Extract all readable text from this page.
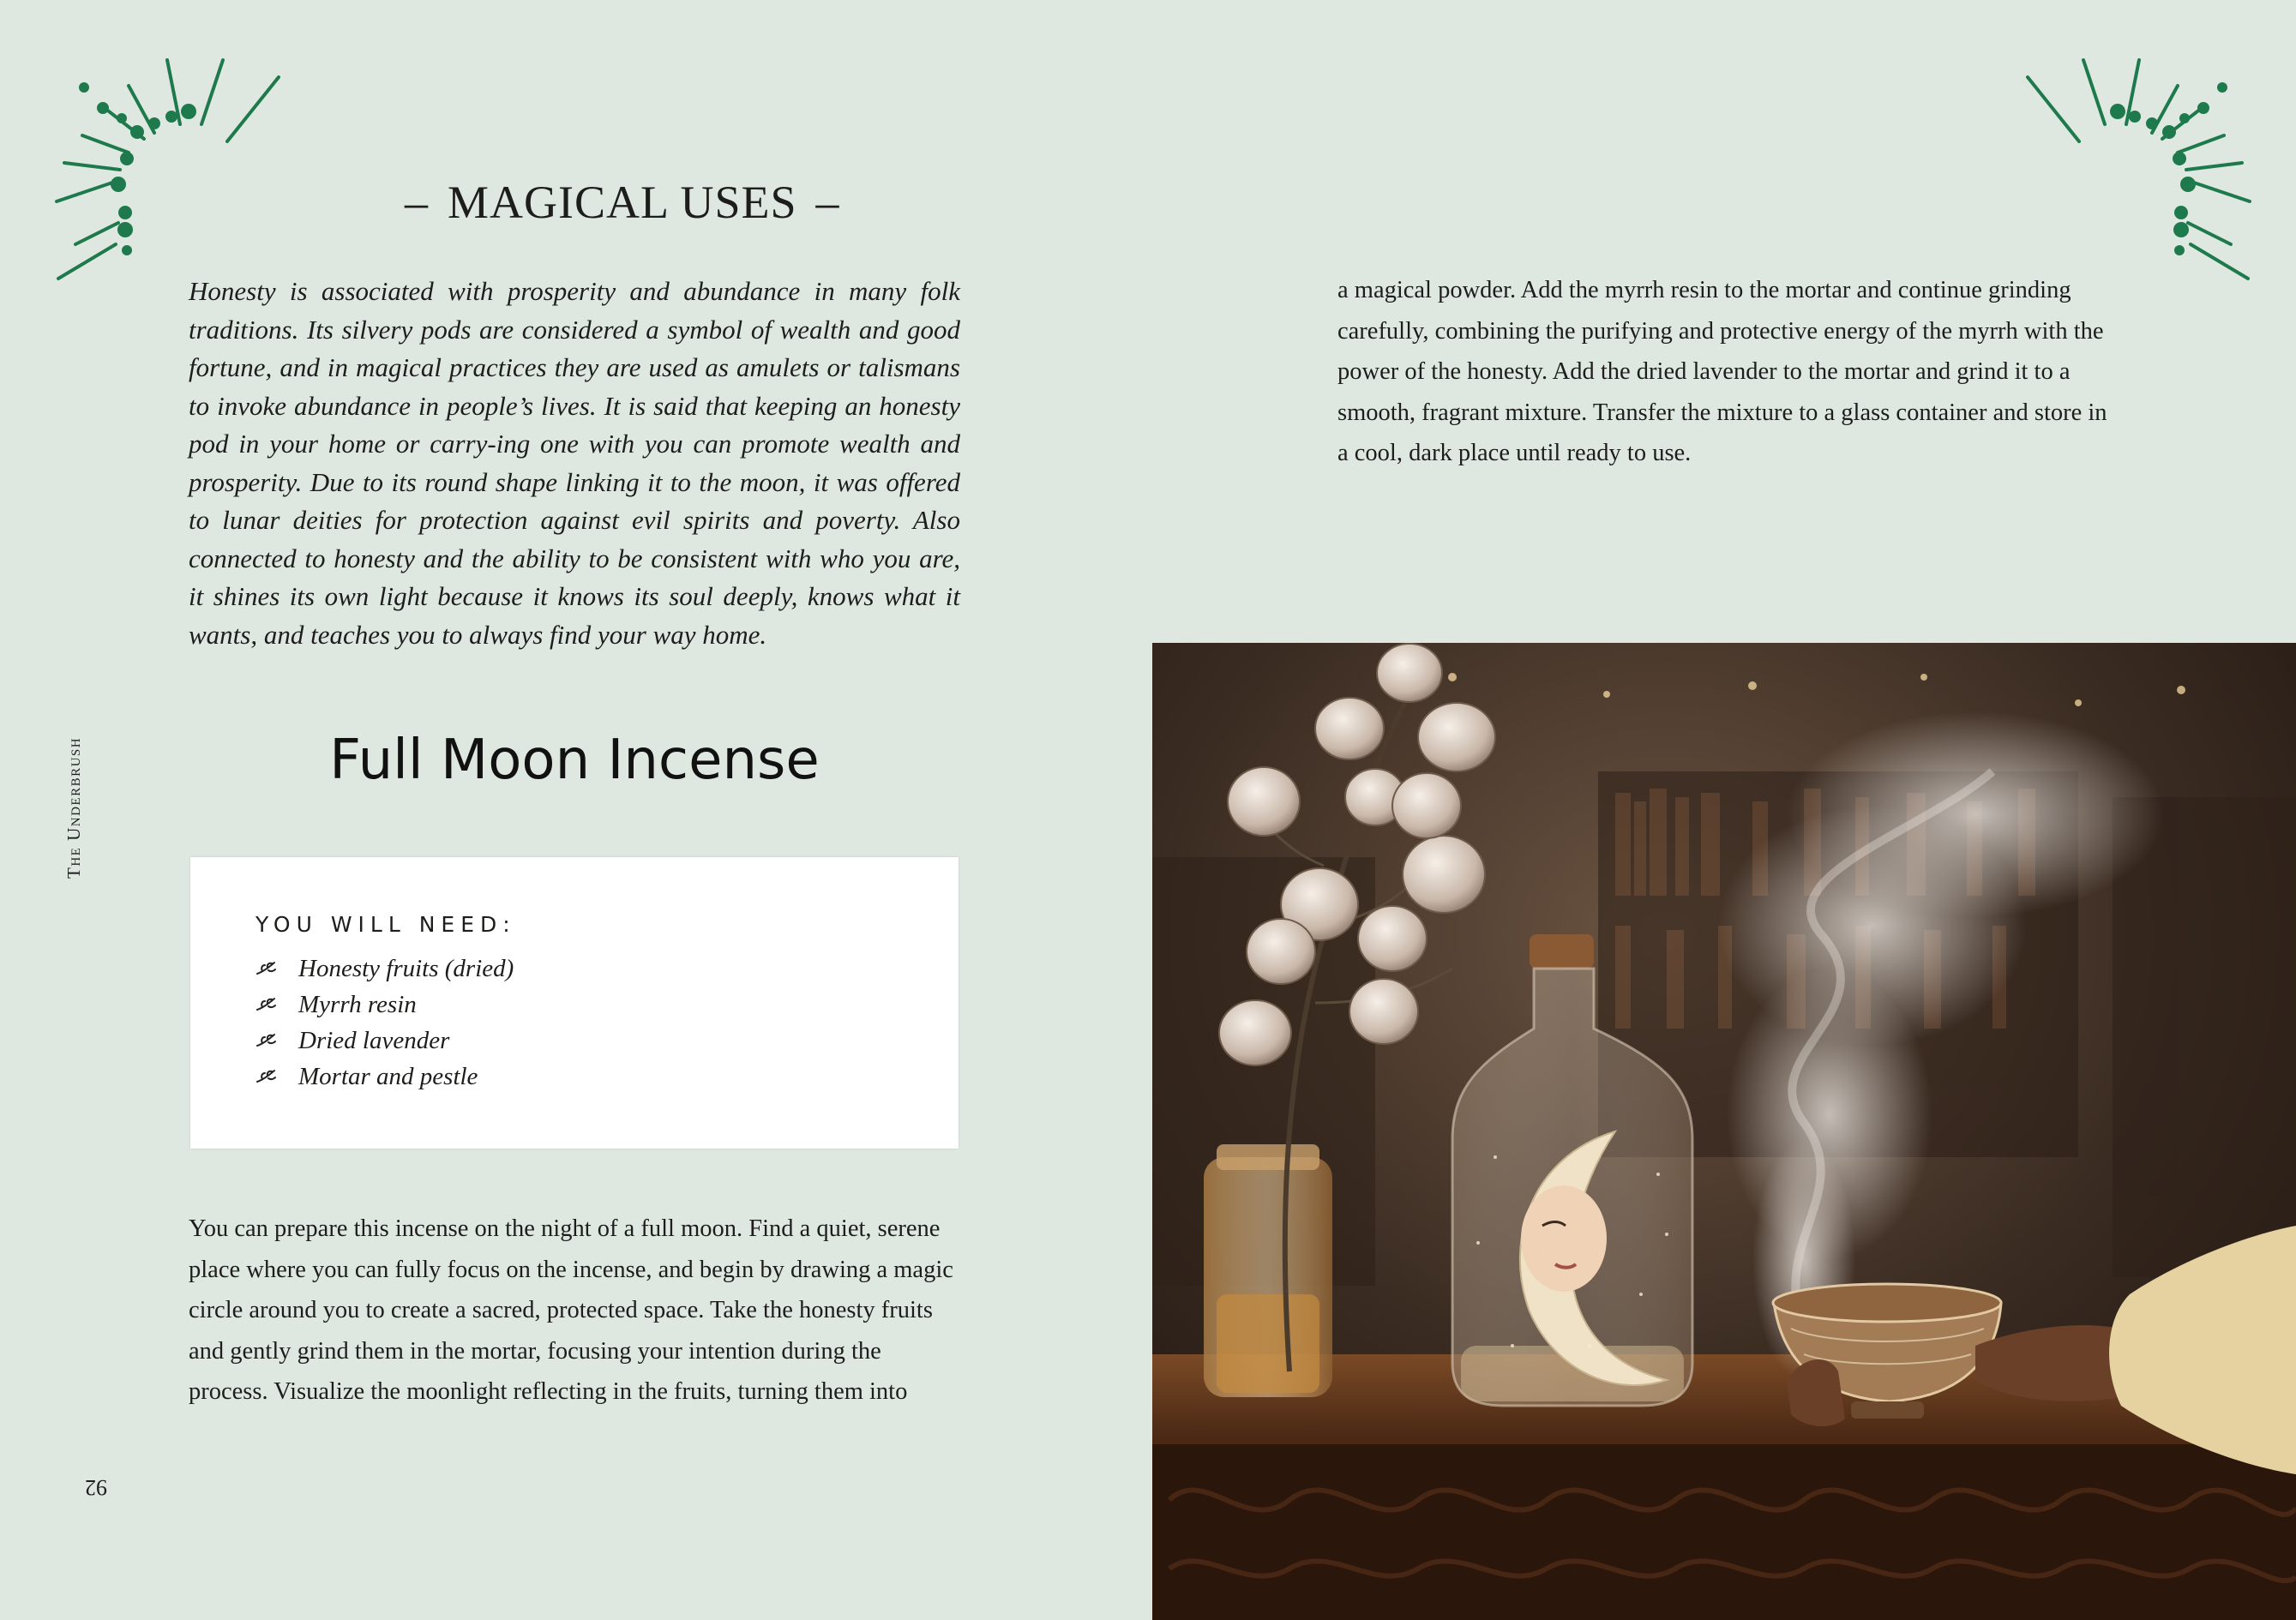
– MAGICAL USES –

Honesty is associated with prosperity and abundance in many folk traditions. Its silvery pods are considered a symbol of wealth and good fortune, and in magical practices they are used as amulets or talismans to invoke abundance in people’s lives. It is said that keeping an honesty pod in your home or carry-ing one with you can promote wealth and prosperity. Due to its round shape linking it to the moon, it was offered to lunar deities for protection against evil spirits and poverty. Also connected to honesty and the ability to be consistent with who you are, it shines its own light because it knows its soul deeply, knows what it wants, and teaches you to always find your way home.

The Underbrush	Full Moon Incense
YOU WILL NEED:
Honesty fruits (dried)
Myrrh resin
Dried lavender
Mortar and pestle

You can prepare this incense on the night of a full moon. Find a quiet, serene place where you can fully focus on the incense, and begin by drawing a magic circle around you to create a sacred, protected space. Take the honesty fruits and gently grind them in the mortar, focusing your intention during the process. Visualize the moonlight reflecting in the fruits, turning them into

a magical powder. Add the myrrh resin to the mortar and continue grinding carefully, combining the purifying and protective energy of the myrrh with the power of the honesty. Add the dried lavender to the mortar and grind it to a smooth, fragrant mixture. Transfer the mixture to a glass container and store in a cool, dark place until ready to use.

92
